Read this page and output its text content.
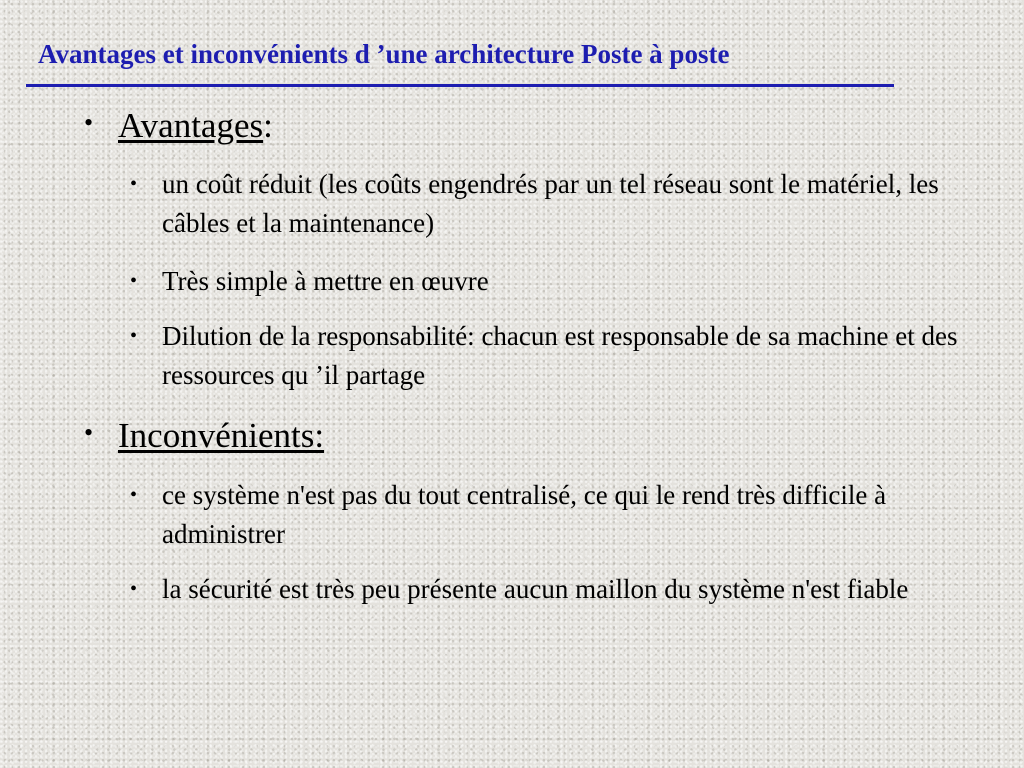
Avantages et inconvénients d ’une architecture Poste à poste
• Avantages:
• un coût réduit (les coûts engendrés par un tel réseau sont le matériel, les câbles et la maintenance)
• Très simple à mettre en œuvre
• Dilution de la responsabilité: chacun est responsable de sa machine et des ressources qu ’il partage
• Inconvénients:
• ce système n'est pas du tout centralisé, ce qui le rend très difficile à administrer
• la sécurité est très peu présente aucun maillon du système n'est fiable
